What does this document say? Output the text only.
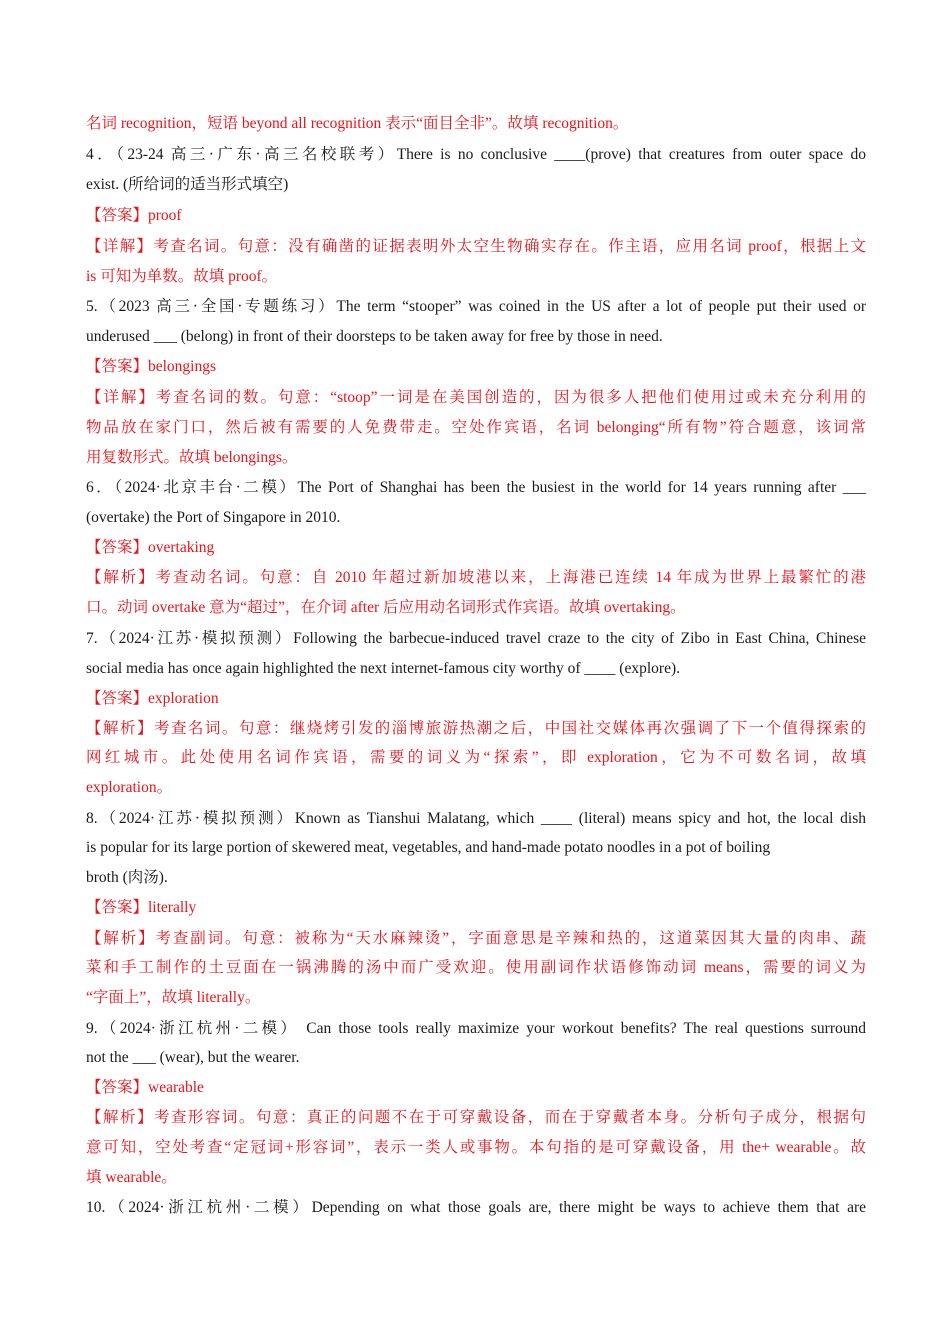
名词 recognition，短语 beyond all recognition 表示“面目全非”。故填 recognition。
4．（23-24 高三·广东·高三名校联考）There is no conclusive ____(prove) that creatures from outer space do
exist. (所给词的适当形式填空)
【答案】proof
【详解】考查名词。句意：没有确凿的证据表明外太空生物确实存在。作主语，应用名词 proof，根据上文
is 可知为单数。故填 proof。
5.（2023 高三·全国·专题练习）The term “stooper” was coined in the US after a lot of people put their used or
underused ___ (belong) in front of their doorsteps to be taken away for free by those in need.
【答案】belongings
【详解】考查名词的数。句意：“stoop”一词是在美国创造的，因为很多人把他们使用过或未充分利用的
物品放在家门口，然后被有需要的人免费带走。空处作宾语，名词 belonging“所有物”符合题意，该词常
用复数形式。故填 belongings。
6．（2024·北京丰台·二模）The Port of Shanghai has been the busiest in the world for 14 years running after ___
(overtake) the Port of Singapore in 2010.
【答案】overtaking
【解析】考查动名词。句意：自 2010 年超过新加坡港以来，上海港已连续 14 年成为世界上最繁忙的港
口。动词 overtake 意为“超过”，在介词 after 后应用动名词形式作宾语。故填 overtaking。
7.（2024·江苏·模拟预测）Following the barbecue-induced travel craze to the city of Zibo in East China, Chinese
social media has once again highlighted the next internet-famous city worthy of ____ (explore).
【答案】exploration
【解析】考查名词。句意：继烧烤引发的淄博旅游热潮之后，中国社交媒体再次强调了下一个值得探索的
网红城市。此处使用名词作宾语，需要的词义为“探索”，即 exploration，它为不可数名词，故填
exploration。
8.（2024·江苏·模拟预测）Known as Tianshui Malatang, which ____ (literal) means spicy and hot, the local dish
is popular for its large portion of skewered meat, vegetables, and hand-made potato noodles in a pot of boiling
broth (肉汤).
【答案】literally
【解析】考查副词。句意：被称为“天水麻辣烫”，字面意思是辛辣和热的，这道菜因其大量的肉串、蔬
菜和手工制作的土豆面在一锅沸腾的汤中而广受欢迎。使用副词作状语修饰动词 means，需要的词义为
“字面上”，故填 literally。
9.（2024·浙江杭州·二模） Can those tools really maximize your workout benefits? The real questions surround
not the ___ (wear), but the wearer.
【答案】wearable
【解析】考查形容词。句意：真正的问题不在于可穿戴设备，而在于穿戴者本身。分析句子成分，根据句
意可知，空处考查“定冠词+形容词”，表示一类人或事物。本句指的是可穿戴设备，用 the+ wearable。故
填 wearable。
10.（2024·浙江杭州·二模）Depending on what those goals are, there might be ways to achieve them that are
